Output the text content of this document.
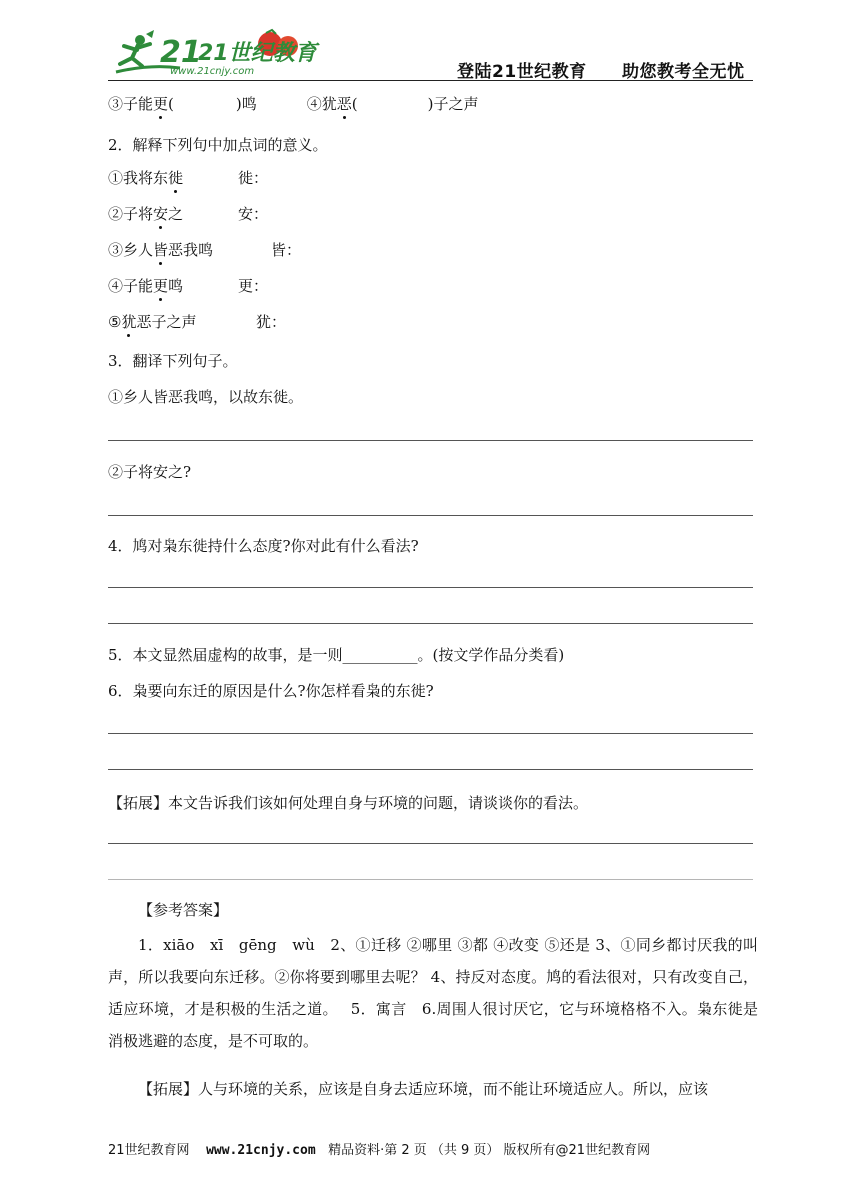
21
21世纪教育
www.21cnjy.com	登陆21世纪教育 助您教考全无忧
③子能更(	)鸣	④犹恶(	)子之声
2．解释下列句中加点词的意义。
①我将东徙	徙：
②子将安之	安：
③乡人皆恶我鸣	皆：
④子能更鸣	更：
⑤犹恶子之声	犹：
3．翻译下列句子。
①乡人皆恶我鸣，以故东徙。
②子将安之?
4．鸠对枭东徙持什么态度?你对此有什么看法?
5．本文显然届虚构的故事，是一则__________。(按文学作品分类看)
6．枭要向东迁的原因是什么?你怎样看枭的东徙?
【拓展】本文告诉我们该如何处理自身与环境的问题，请谈谈你的看法。
【参考答案】
1．xiāo　xī　gēng　wù　2、①迁移 ②哪里 ③都 ④改变 ⑤还是 3、①同乡都讨厌我的叫声，所以我要向东迁移。②你将要到哪里去呢？ 4、持反对态度。鸠的看法很对，只有改变自己，适应环境，才是积极的生活之道。　 5．寓言　6.周围人很讨厌它，它与环境格格不入。枭东徙是消极逃避的态度，是不可取的。
【拓展】人与环境的关系，应该是自身去适应环境，而不能让环境适应人。所以，应该
21世纪教育网 www.21cnjy.com 精品资料·第 2 页 （共 9 页） 版权所有@21世纪教育网
